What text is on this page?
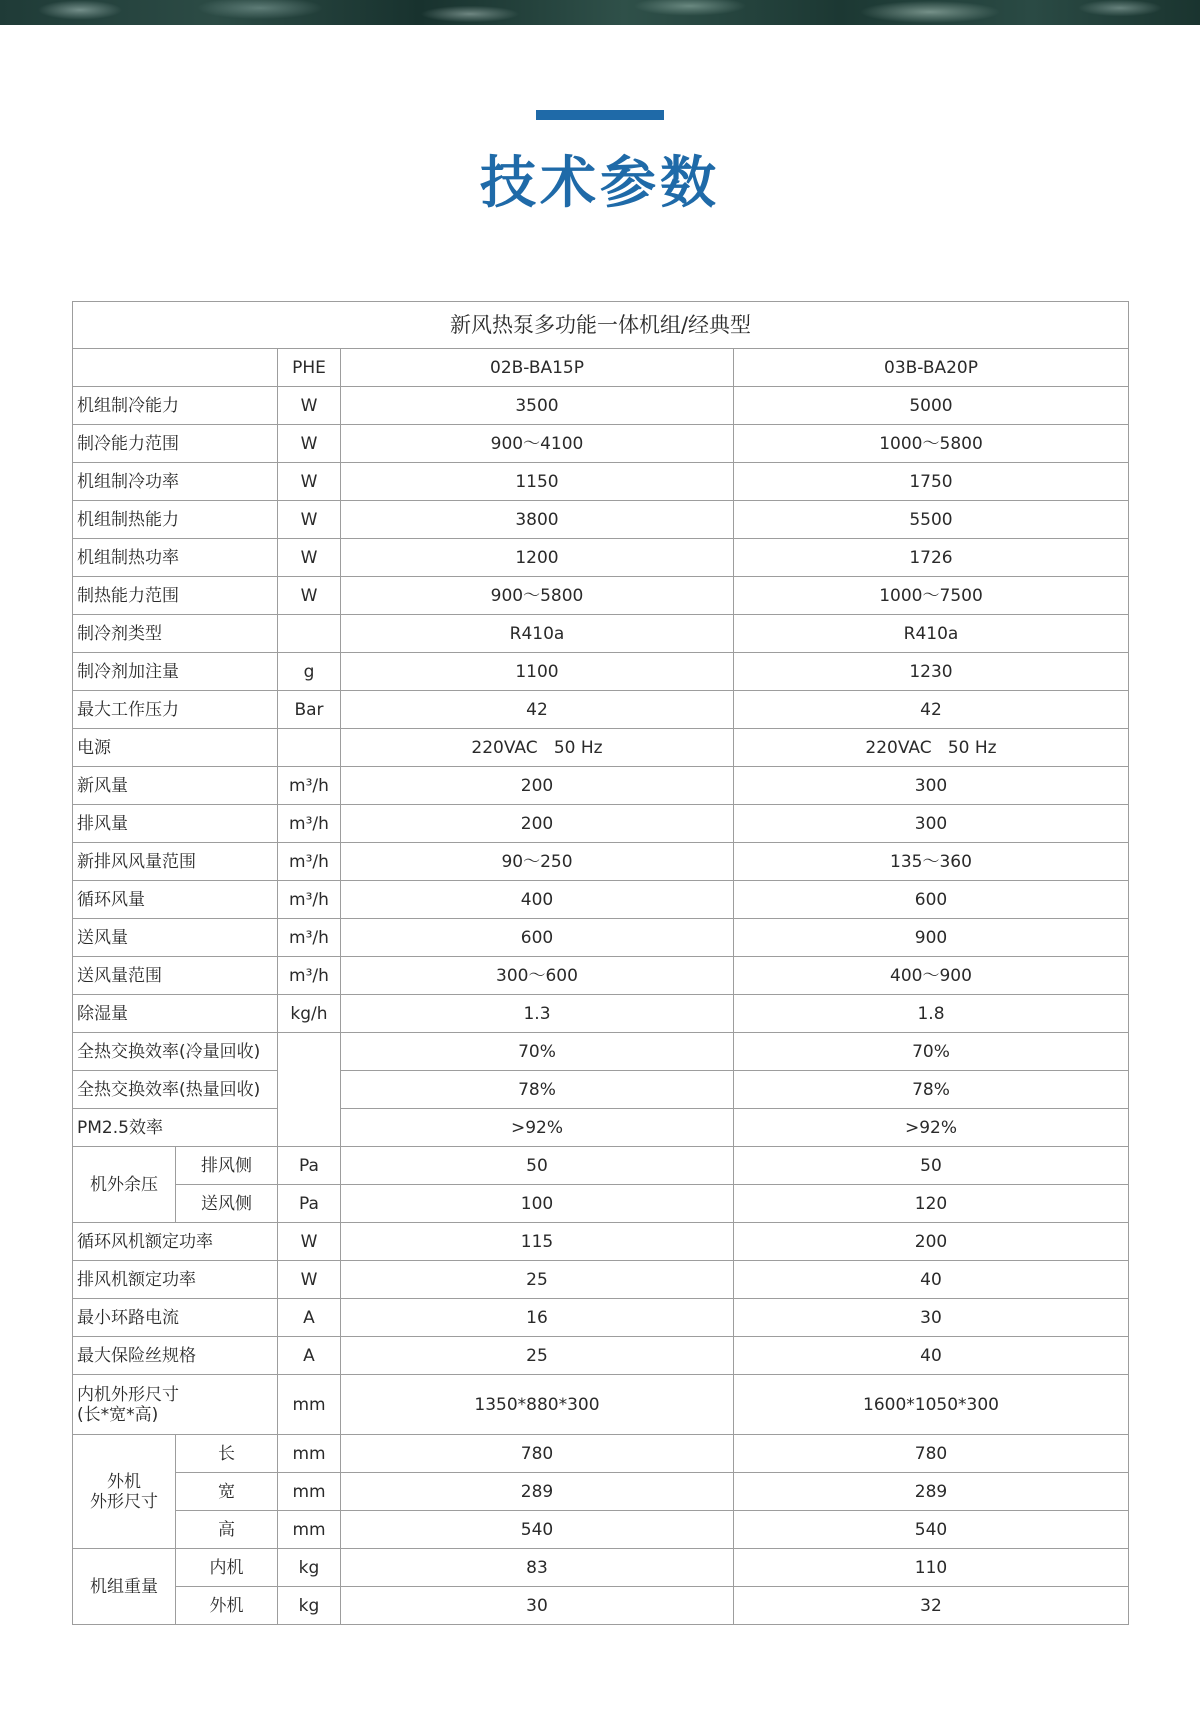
技术参数
新风热泵多功能一体机组/经典型				
		PHE	02B-BA15P	03B-BA20P
机组制冷能力		W	3500	5000
制冷能力范围		W	900～4100	1000～5800
机组制冷功率		W	1150	1750
机组制热能力		W	3800	5500
机组制热功率		W	1200	1726
制热能力范围		W	900～5800	1000～7500
制冷剂类型			R410a	R410a
制冷剂加注量		g	1100	1230
最大工作压力		Bar	42	42
电源			220VAC   50 Hz	220VAC   50 Hz
新风量		m³/h	200	300
排风量		m³/h	200	300
新排风风量范围		m³/h	90～250	135～360
循环风量		m³/h	400	600
送风量		m³/h	600	900
送风量范围		m³/h	300～600	400～900
除湿量		kg/h	1.3	1.8
全热交换效率(冷量回收)			70%	70%
全热交换效率(热量回收)			78%	78%
PM2.5效率			>92%	>92%
机外余压	排风侧	Pa	50	50
	送风侧	Pa	100	120
循环风机额定功率		W	115	200
排风机额定功率		W	25	40
最小环路电流		A	16	30
最大保险丝规格		A	25	40
内机外形尺寸
(长*宽*高)		mm	1350*880*300	1600*1050*300
外机
外形尺寸	长	mm	780	780
	宽	mm	289	289
	高	mm	540	540
机组重量	内机	kg	83	110
	外机	kg	30	32
